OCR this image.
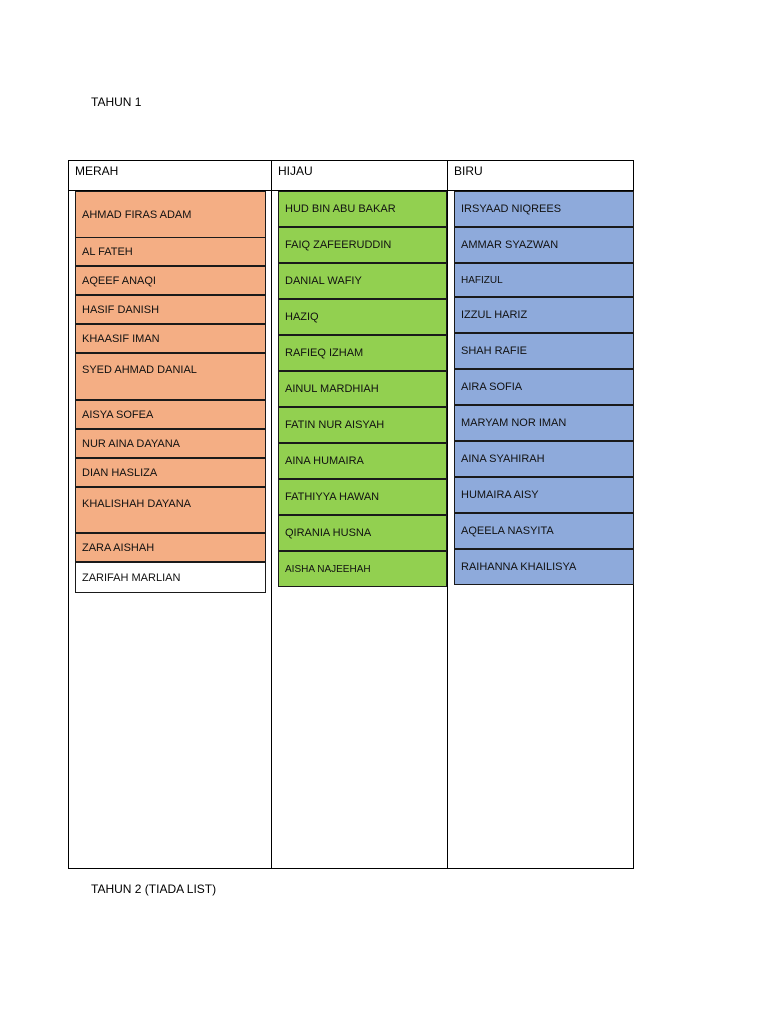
TAHUN 1
MERAH	HIJAU	BIRU
AHMAD FIRAS ADAM
AL FATEH
AQEEF ANAQI
HASIF DANISH
KHAASIF IMAN
SYED AHMAD DANIAL
AISYA SOFEA
NUR AINA DAYANA
DIAN HASLIZA
KHALISHAH DAYANA
ZARA AISHAH
ZARIFAH MARLIAN
HUD BIN ABU BAKAR
FAIQ ZAFEERUDDIN
DANIAL WAFIY
HAZIQ
RAFIEQ IZHAM
AINUL MARDHIAH
FATIN NUR AISYAH
AINA HUMAIRA
FATHIYYA HAWAN
QIRANIA HUSNA
AISHA NAJEEHAH
IRSYAAD NIQREES
AMMAR SYAZWAN
HAFIZUL
IZZUL HARIZ
SHAH RAFIE
AIRA SOFIA
MARYAM NOR IMAN
AINA SYAHIRAH
HUMAIRA AISY
AQEELA NASYITA
RAIHANNA KHAILISYA
TAHUN 2 (TIADA LIST)
